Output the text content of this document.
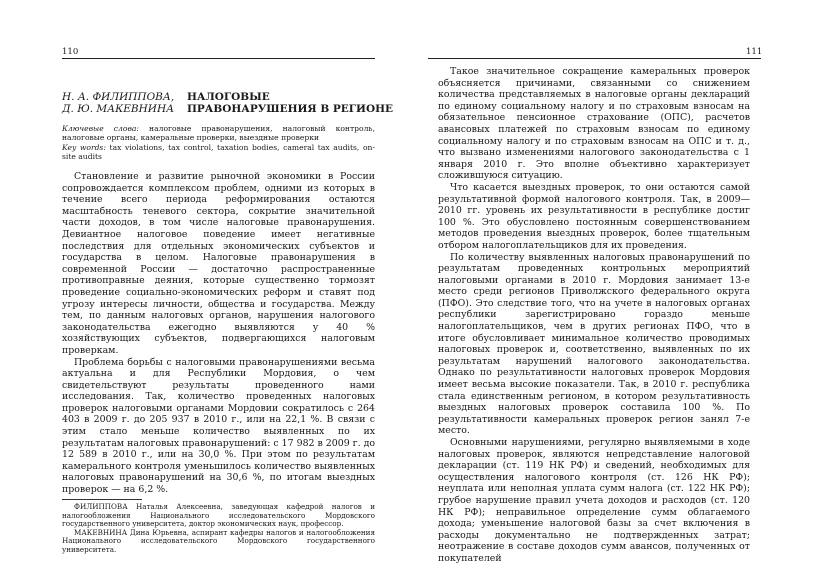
110
Н. А. ФИЛИППОВА,
Д. Ю. МАКЕВНИНА
НАЛОГОВЫЕ
ПРАВОНАРУШЕНИЯ В РЕГИОНЕ
Ключевые слова: налоговые правонарушения, налоговый контроль, налоговые органы, камеральные проверки, выездные проверки
Key words: tax violations, tax control, taxation bodies, cameral tax audits, on-site audits

Становление и развитие рыночной экономики в России сопровождается комплексом проблем, одними из которых в течение всего периода реформирования остаются масштабность теневого сектора, сокрытие значительной части доходов, в том числе налоговые правонарушения. Девиантное налоговое поведение имеет негативные последствия для отдельных экономических субъектов и государства в целом. Налоговые правонарушения в современной России — достаточно распространенные противоправные деяния, которые существенно тормозят проведение социально-экономических реформ и ставят под угрозу интересы личности, общества и государства. Между тем, по данным налоговых органов, нарушения налогового законодательства ежегодно выявляются у 40 % хозяйствующих субъектов, подвергающихся налоговым проверкам.

Проблема борьбы с налоговыми правонарушениями весьма актуальна и для Республики Мордовия, о чем свидетельствуют результаты проведенного нами исследования. Так, количество проведенных налоговых проверок налоговыми органами Мордовии сократилось с 264 403 в 2009 г. до 205 937 в 2010 г., или на 22,1 %. В связи с этим стало меньше количество выявленных по их результатам налоговых правонарушений: с 17 982 в 2009 г. до 12 589 в 2010 г., или на 30,0 %. При этом по результатам камерального контроля уменьшилось количество выявленных налоговых правонарушений на 30,6 %, по итогам выездных проверок — на 6,2 %.

ФИЛИППОВА Наталья Алексеевна, заведующая кафедрой налогов и налогообложения Национального исследовательского Мордовского государственного университета, доктор экономических наук, профессор.

МАКЕВНИНА Дина Юрьевна, аспирант кафедры налогов и налогообложения Национального исследовательского Мордовского государственного университета.

111

Такое значительное сокращение камеральных проверок объясняется причинами, связанными со снижением количества представляемых в налоговые органы деклараций по единому социальному налогу и по страховым взносам на обязательное пенсионное страхование (ОПС), расчетов авансовых платежей по страховым взносам по единому социальному налогу и по страховым взносам на ОПС и т. д., что вызвано изменениями налогового законодательства с 1 января 2010 г. Это вполне объективно характеризует сложившуюся ситуацию.

Что касается выездных проверок, то они остаются самой результативной формой налогового контроля. Так, в 2009—2010 гг. уровень их результативности в республике достиг 100 %. Это обусловлено постоянным совершенствованием методов проведения выездных проверок, более тщательным отбором налогоплательщиков для их проведения.

По количеству выявленных налоговых правонарушений по результатам проведенных контрольных мероприятий налоговыми органами в 2010 г. Мордовия занимает 13-е место среди регионов Приволжского федерального округа (ПФО). Это следствие того, что на учете в налоговых органах республики зарегистрировано гораздо меньше налогоплательщиков, чем в других регионах ПФО, что в итоге обусловливает минимальное количество проводимых налоговых проверок и, соответственно, выявленных по их результатам нарушений налогового законодательства. Однако по результативности налоговых проверок Мордовия имеет весьма высокие показатели. Так, в 2010 г. республика стала единственным регионом, в котором результативность выездных налоговых проверок составила 100 %. По результативности камеральных проверок регион занял 7-е место.

Основными нарушениями, регулярно выявляемыми в ходе налоговых проверок, являются непредставление налоговой декларации (ст. 119 НК РФ) и сведений, необходимых для осуществления налогового контроля (ст. 126 НК РФ); неуплата или неполная уплата сумм налога (ст. 122 НК РФ); грубое нарушение правил учета доходов и расходов (ст. 120 НК РФ); неправильное определение сумм облагаемого дохода; уменьшение налоговой базы за счет включения в расходы документально не подтвержденных затрат; неотражение в составе доходов сумм авансов, полученных от покупателей
